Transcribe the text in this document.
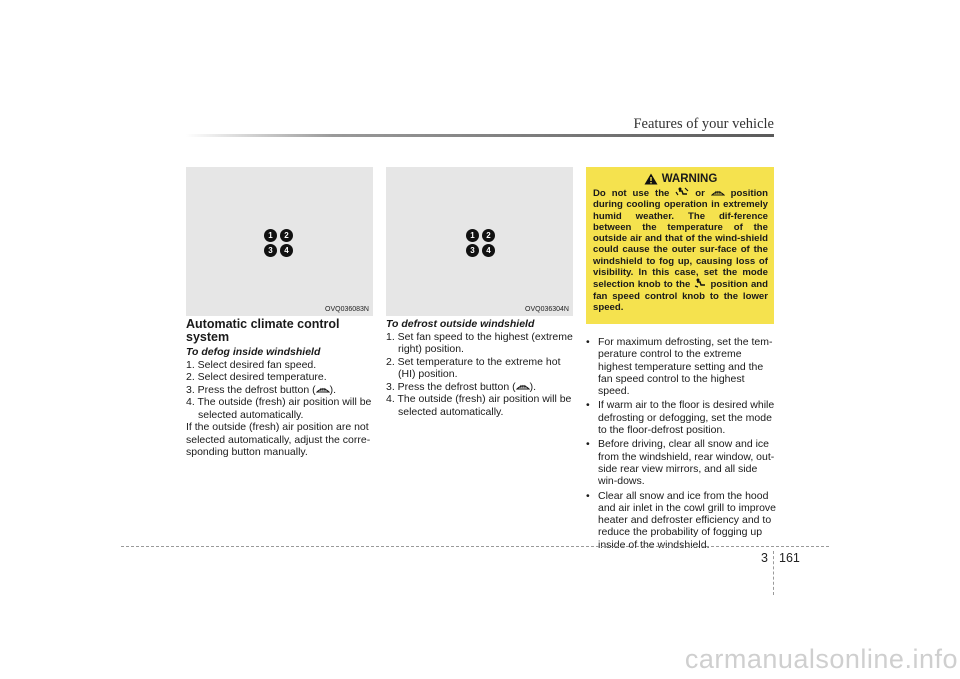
Features of your vehicle
1	2
3	4
OVQ036083N
1	2
3	4
OVQ036304N
Automatic climate control system
To defog inside windshield

1. Select desired fan speed.

2. Select desired temperature.

3. Press the defrost button ( ).

4. The outside (fresh) air position will be selected automatically.

If the outside (fresh) air position are not selected automatically, adjust the corre-sponding button manually.

To defrost outside windshield

1. Set fan speed to the highest (extreme right) position.

2. Set temperature to the extreme hot (HI) position.

3. Press the defrost button ( ).

4. The outside (fresh) air position will be selected automatically.

WARNING

Do not use the	or	position during cooling operation in extremely humid weather. The dif-ference between the temperature of the outside air and that of the wind-shield could cause the outer sur-face of the windshield to fog up, causing loss of visibility. In this case, set the mode selection knob to the position and fan speed control knob to the lower speed.

• For maximum defrosting, set the tem-perature control to the extreme highest temperature setting and the fan speed control to the highest speed.
• If warm air to the floor is desired while defrosting or defogging, set the mode to the floor-defrost position.
• Before driving, clear all snow and ice from the windshield, rear window, out-side rear view mirrors, and all side win-dows.
• Clear all snow and ice from the hood and air inlet in the cowl grill to improve heater and defroster efficiency and to reduce the probability of fogging up inside of the windshield.
3 161
carmanualsonline.info
